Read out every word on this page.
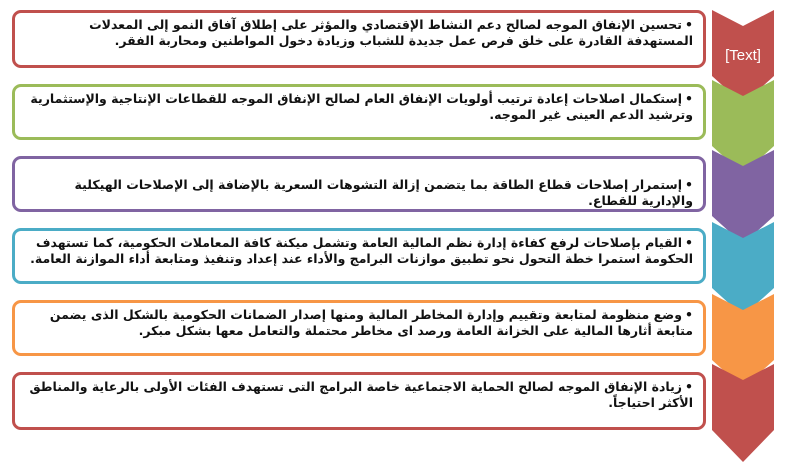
[Text]
•تحسين الإنفاق الموجه لصالح دعم النشاط الإقتصادي والمؤثر على إطلاق آفاق النمو إلى المعدلات المستهدفة القادرة على خلق فرص عمل جديدة للشباب وزيادة دخول المواطنين ومحاربة الفقر.
•إستكمال اصلاحات إعادة ترتيب أولويات الإنفاق العام لصالح الإنفاق الموجه للقطاعات الإنتاجية والإستثمارية وترشيد الدعم العينى غير الموجه.
•إستمرار إصلاحات قطاع الطاقة بما يتضمن إزالة التشوهات السعرية بالإضافة إلى الإصلاحات الهيكلية والإدارية للقطاع.
•القيام بإصلاحات لرفع كفاءة إدارة نظم المالية العامة وتشمل ميكنة كافة المعاملات الحكومية، كما تستهدف الحكومة استمرا خطة التحول نحو تطبيق موازنات البرامج والأداء عند إعداد وتنفيذ ومتابعة أداء الموازنة العامة.
•وضع منظومة لمتابعة وتقييم وإدارة المخاطر المالية ومنها إصدار الضمانات الحكومية بالشكل الذى يضمن متابعة أثارها المالية على الخزانة العامة ورصد اى مخاطر محتملة والتعامل معها بشكل مبكر.
•زيادة الإنفاق الموجه لصالح الحماية الاجتماعية خاصة البرامج التى تستهدف الفئات الأولى بالرعاية والمناطق الأكثر احتياجاً.
